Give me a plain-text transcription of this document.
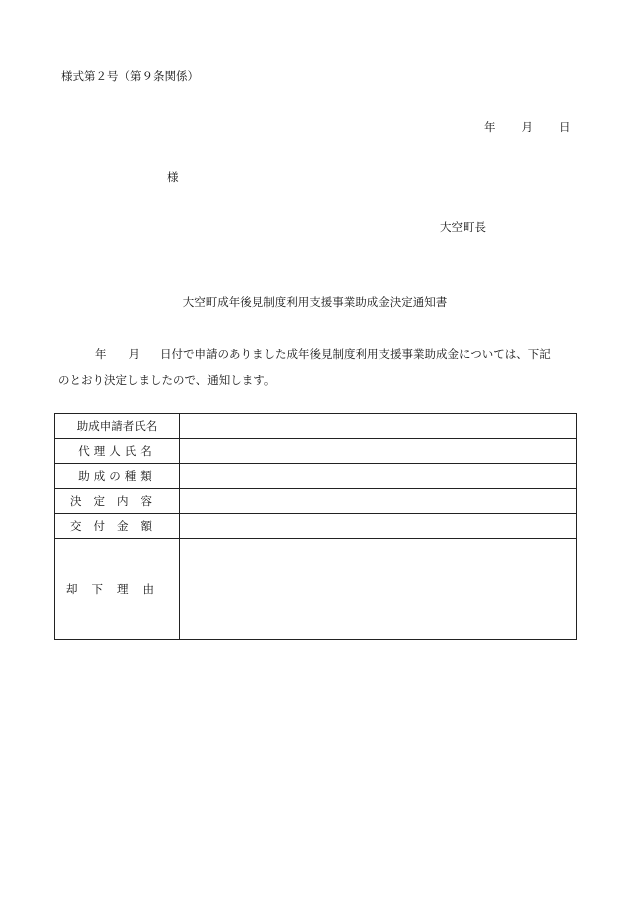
様式第２号（第９条関係）
年 月 日
様
大空町長
大空町成年後見制度利用支援事業助成金決定通知書
年 月 日付で申請のありました成年後見制度利用支援事業助成金については、下記
のとおり決定しましたので、通知します。
助成申請者氏名	
代理人氏名	
助成の種類	
決定内容	
交付金額	
却下理由	
